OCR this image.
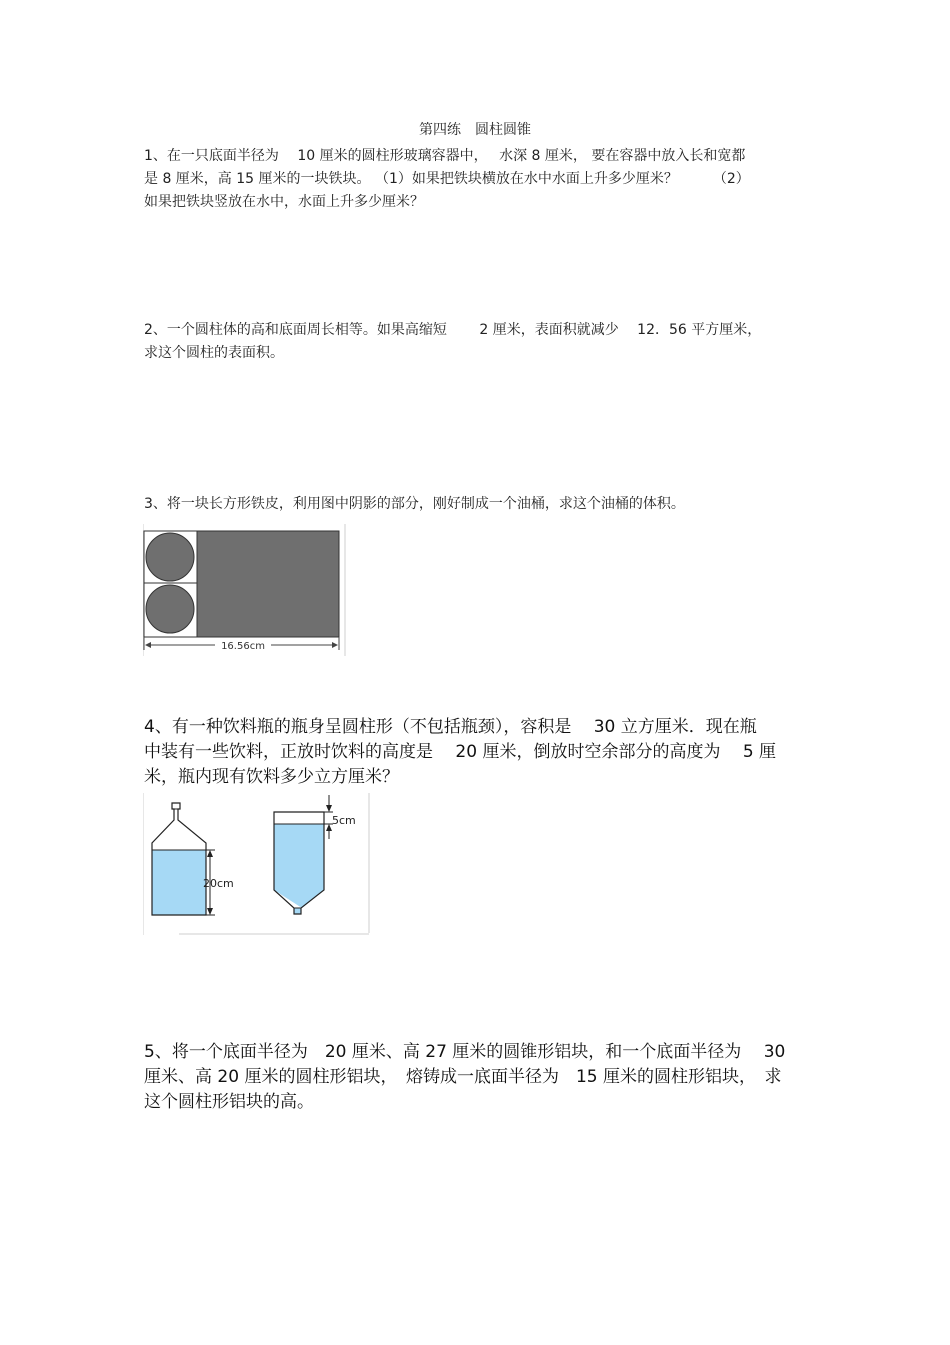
第四练　圆柱圆锥
1、在一只底面半径为　 10 厘米的圆柱形玻璃容器中，　 水深 8 厘米， 要在容器中放入长和宽都
是 8 厘米，高 15 厘米的一块铁块。 （1）如果把铁块横放在水中水面上升多少厘米？　　　（2）
如果把铁块竖放在水中，水面上升多少厘米？
2、一个圆柱体的高和底面周长相等。如果高缩短　　 2 厘米，表面积就减少　 12．56 平方厘米，
求这个圆柱的表面积。
3、将一块长方形铁皮，利用图中阴影的部分，刚好制成一个油桶，求这个油桶的体积。
16.56cm
4、有一种饮料瓶的瓶身呈圆柱形（不包括瓶颈），容积是　 30 立方厘米．现在瓶
中装有一些饮料，正放时饮料的高度是　 20 厘米，倒放时空余部分的高度为　 5 厘
米，瓶内现有饮料多少立方厘米？
20cm
5cm
5、将一个底面半径为　20 厘米、高 27 厘米的圆锥形铝块，和一个底面半径为　 30
厘米、高 20 厘米的圆柱形铝块，　熔铸成一底面半径为　15 厘米的圆柱形铝块，　求
这个圆柱形铝块的高。
